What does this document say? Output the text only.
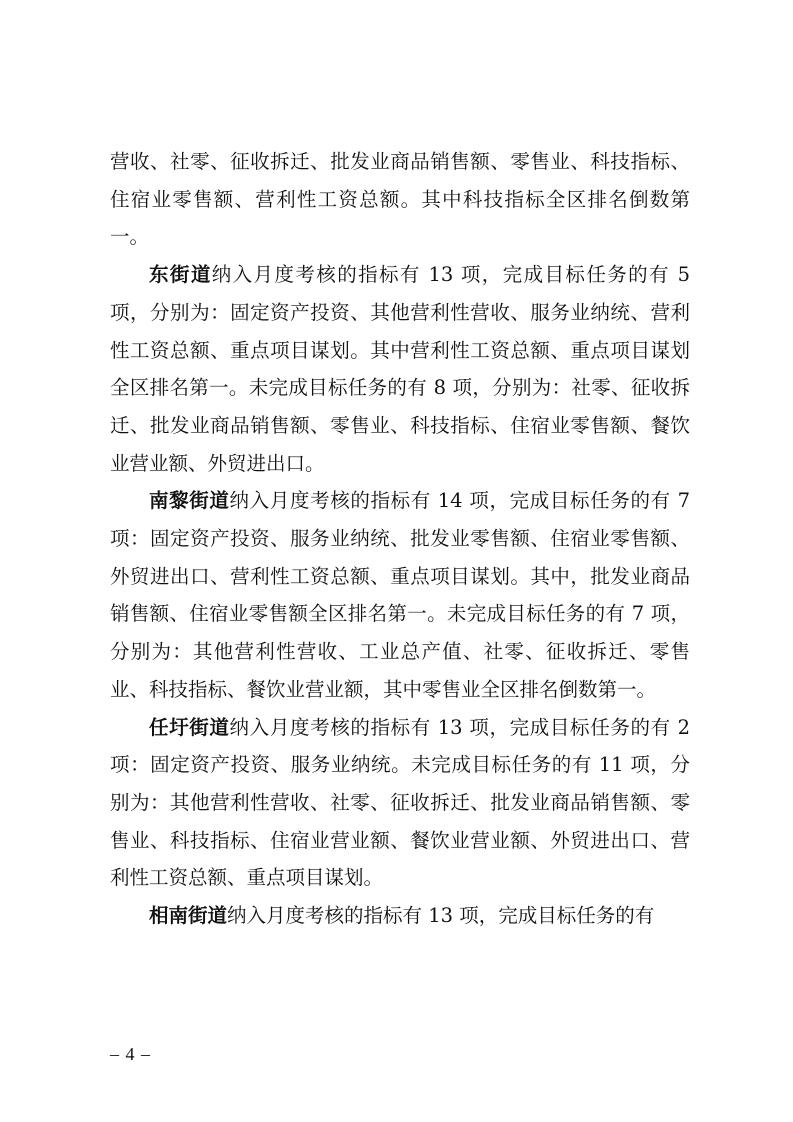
营收、社零、征收拆迁、批发业商品销售额、零售业、科技指标、住宿业零售额、营利性工资总额。其中科技指标全区排名倒数第一。

东街道纳入月度考核的指标有 13 项，完成目标任务的有 5 项，分别为：固定资产投资、其他营利性营收、服务业纳统、营利性工资总额、重点项目谋划。其中营利性工资总额、重点项目谋划全区排名第一。未完成目标任务的有 8 项，分别为：社零、征收拆迁、批发业商品销售额、零售业、科技指标、住宿业零售额、餐饮业营业额、外贸进出口。

南黎街道纳入月度考核的指标有 14 项，完成目标任务的有 7 项：固定资产投资、服务业纳统、批发业零售额、住宿业零售额、外贸进出口、营利性工资总额、重点项目谋划。其中，批发业商品销售额、住宿业零售额全区排名第一。未完成目标任务的有 7 项，分别为：其他营利性营收、工业总产值、社零、征收拆迁、零售业、科技指标、餐饮业营业额，其中零售业全区排名倒数第一。

任圩街道纳入月度考核的指标有 13 项，完成目标任务的有 2 项：固定资产投资、服务业纳统。未完成目标任务的有 11 项，分别为：其他营利性营收、社零、征收拆迁、批发业商品销售额、零售业、科技指标、住宿业营业额、餐饮业营业额、外贸进出口、营利性工资总额、重点项目谋划。

相南街道纳入月度考核的指标有 13 项，完成目标任务的有

– 4 –
